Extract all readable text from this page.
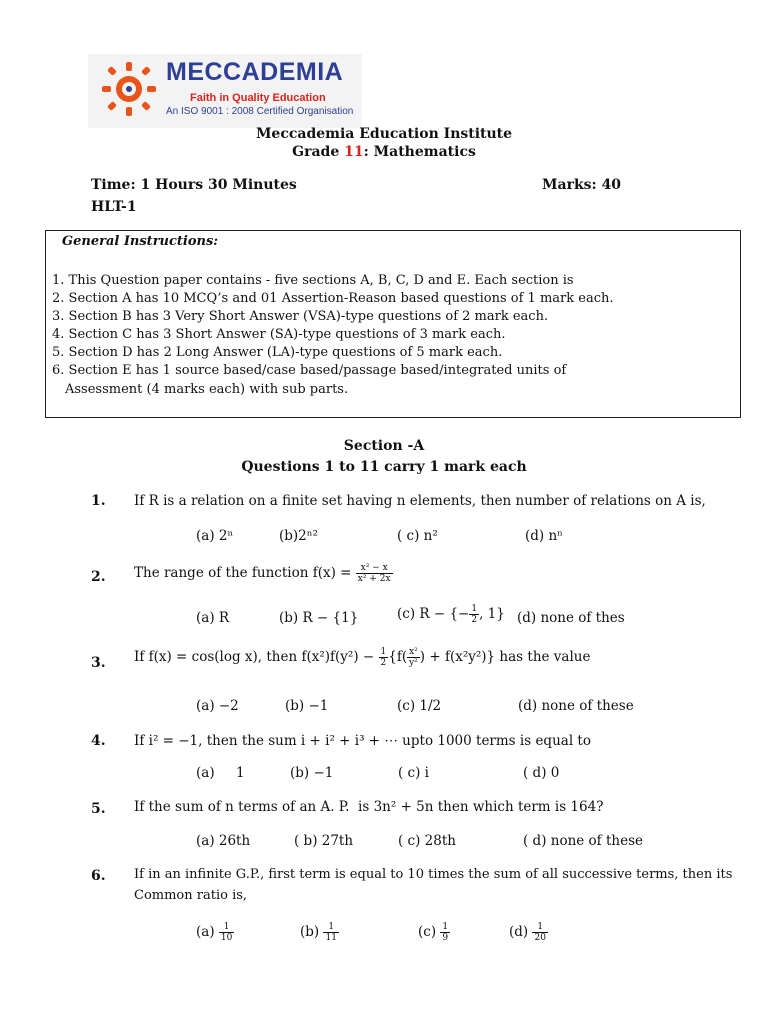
MECCADEMIA
Faith in Quality Education
An ISO 9001 : 2008 Certified Organisation
Meccademia Education Institute
Grade 11: Mathematics
Time: 1 Hours 30 Minutes	Marks: 40
HLT-1
General Instructions:
1. This Question paper contains - five sections A, B, C, D and E. Each section is
2. Section A has 10 MCQ’s and 01 Assertion-Reason based questions of 1 mark each.
3. Section B has 3 Very Short Answer (VSA)-type questions of 2 mark each.
4. Section C has 3 Short Answer (SA)-type questions of 3 mark each.
5. Section D has 2 Long Answer (LA)-type questions of 5 mark each.
6. Section E has 1 source based/case based/passage based/integrated units of
Assessment (4 marks each) with sub parts.
Section -A
Questions 1 to 11 carry 1 mark each
1. If R is a relation on a finite set having n elements, then number of relations on A is,
(a) 2ⁿ	(b)2ⁿ²	( c) n²	(d) nⁿ
2. The range of the function $f(x) = \frac{\text{x² − x}}{\text{x² + 2x}}$
(a) R	(b) R − {1}	(c) R − {− $\frac{1}{2}$ , 1} (d) none of thes
3. If f(x) = cos(log x), then $f(x^2)f(y^2) - \frac{1}{2} \{f( \frac{\text{x²}}{\text{y²}}$ ) + f(x²y²)} has the value
(a) −2	(b) −1	(c) 1/2	(d) none of these
4. If i² = −1, then the sum i + i² + i³ + ⋯ upto 1000 terms is equal to
(a)     1	(b) −1	( c) i	( d) 0
5. If the sum of n terms of an A. P.  is 3n² + 5n then which term is 164?
(a) 26th	( b) 27th	( c) 28th	( d) none of these
6. If in an infinite G.P., first term is equal to 10 times the sum of all successive terms, then its
Common ratio is,
$(a) \frac{1}{10}$	$(b) \frac{1}{11}$	$(c) \frac{1}{9}$	$(d) \frac{1}{20}$
